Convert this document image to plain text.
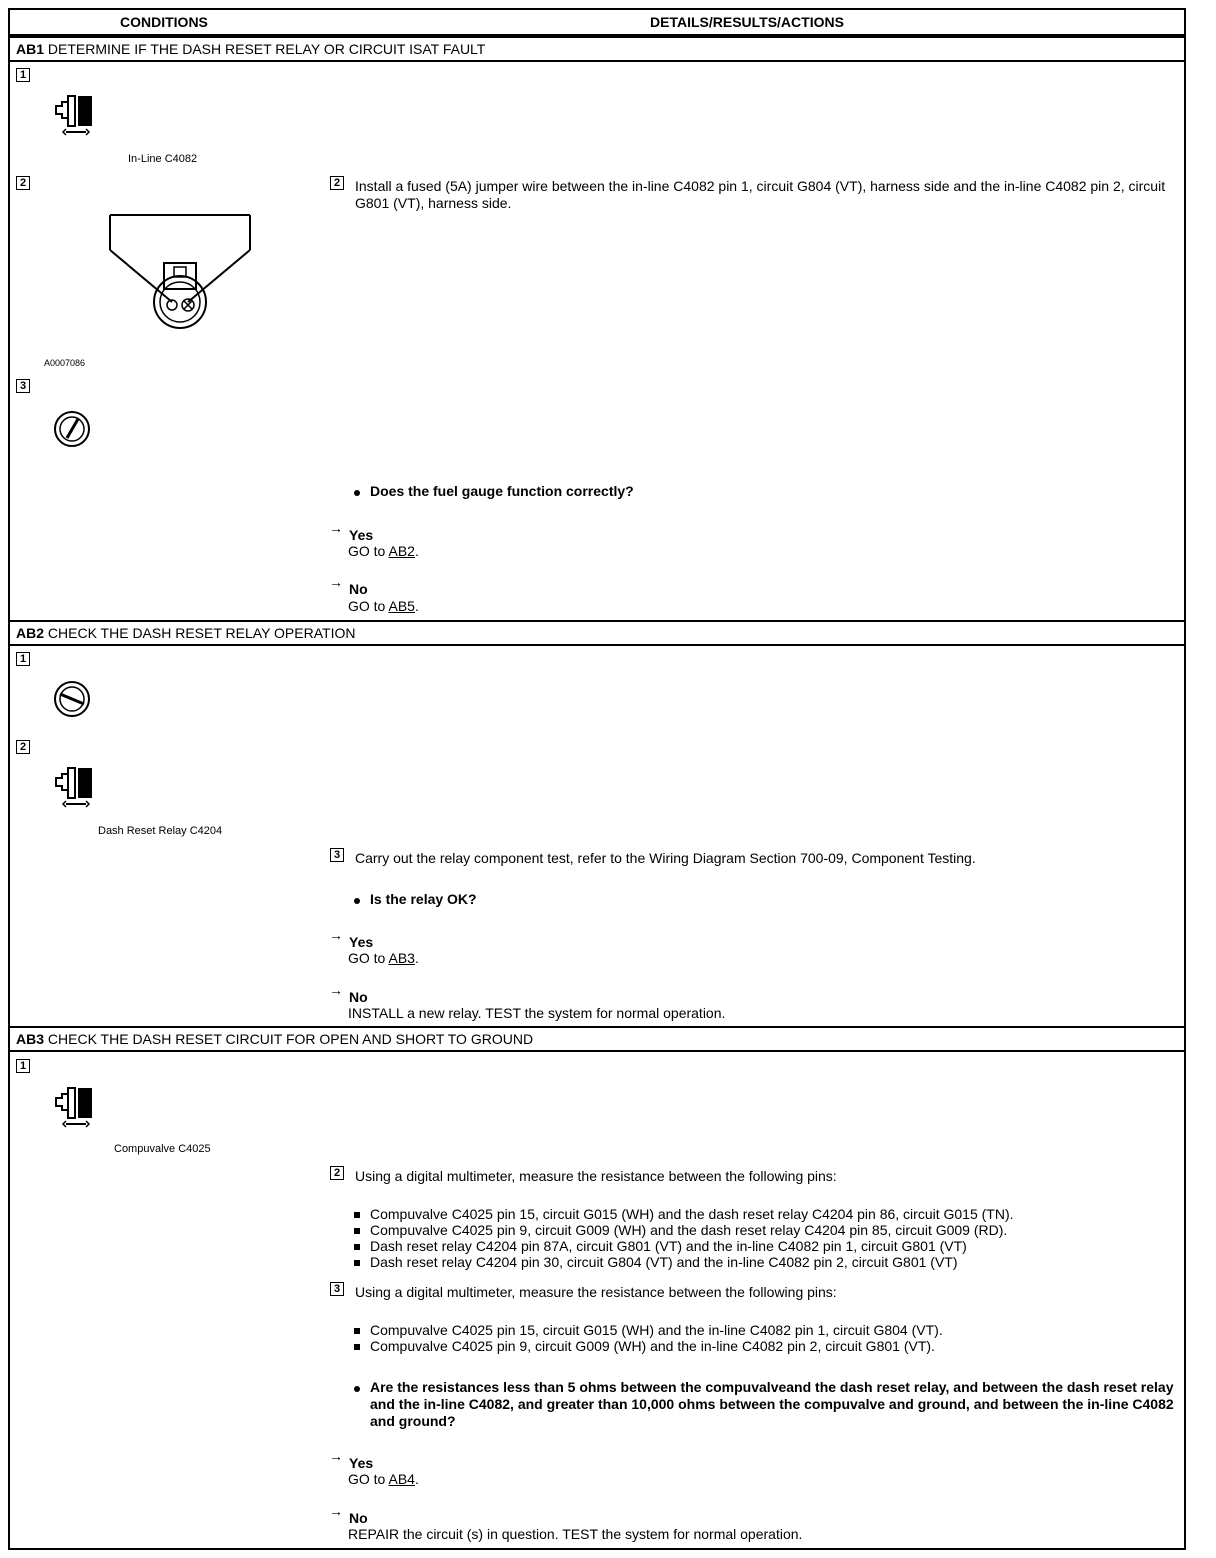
CONDITIONS	DETAILS/RESULTS/ACTIONS
AB1 DETERMINE IF THE DASH RESET RELAY OR CIRCUIT ISAT FAULT
1
In-Line C4082
2
A0007086
2 Install a fused (5A) jumper wire between the in-line C4082 pin 1, circuit G804 (VT), harness side and the in-line C4082 pin 2, circuit G801 (VT), harness side.
3
Does the fuel gauge function correctly?
→ Yes
GO to AB2.
→ No
GO to AB5.
AB2 CHECK THE DASH RESET RELAY OPERATION
1
2
Dash Reset Relay C4204
3 Carry out the relay component test, refer to the Wiring Diagram Section 700-09, Component Testing.
Is the relay OK?
→ Yes
GO to AB3.
→ No
INSTALL a new relay. TEST the system for normal operation.
AB3 CHECK THE DASH RESET CIRCUIT FOR OPEN AND SHORT TO GROUND
1
Compuvalve C4025
2 Using a digital multimeter, measure the resistance between the following pins:
Compuvalve C4025 pin 15, circuit G015 (WH) and the dash reset relay C4204 pin 86, circuit G015 (TN).
Compuvalve C4025 pin 9, circuit G009 (WH) and the dash reset relay C4204 pin 85, circuit G009 (RD).
Dash reset relay C4204 pin 87A, circuit G801 (VT) and the in-line C4082 pin 1, circuit G801 (VT)
Dash reset relay C4204 pin 30, circuit G804 (VT) and the in-line C4082 pin 2, circuit G801 (VT)
3 Using a digital multimeter, measure the resistance between the following pins:
Compuvalve C4025 pin 15, circuit G015 (WH) and the in-line C4082 pin 1, circuit G804 (VT).
Compuvalve C4025 pin 9, circuit G009 (WH) and the in-line C4082 pin 2, circuit G801 (VT).
Are the resistances less than 5 ohms between the compuvalveand the dash reset relay, and between the dash reset relay and the in-line C4082, and greater than 10,000 ohms between the compuvalve and ground, and between the in-line C4082 and ground?
→ Yes
GO to AB4.
→ No
REPAIR the circuit (s) in question. TEST the system for normal operation.
